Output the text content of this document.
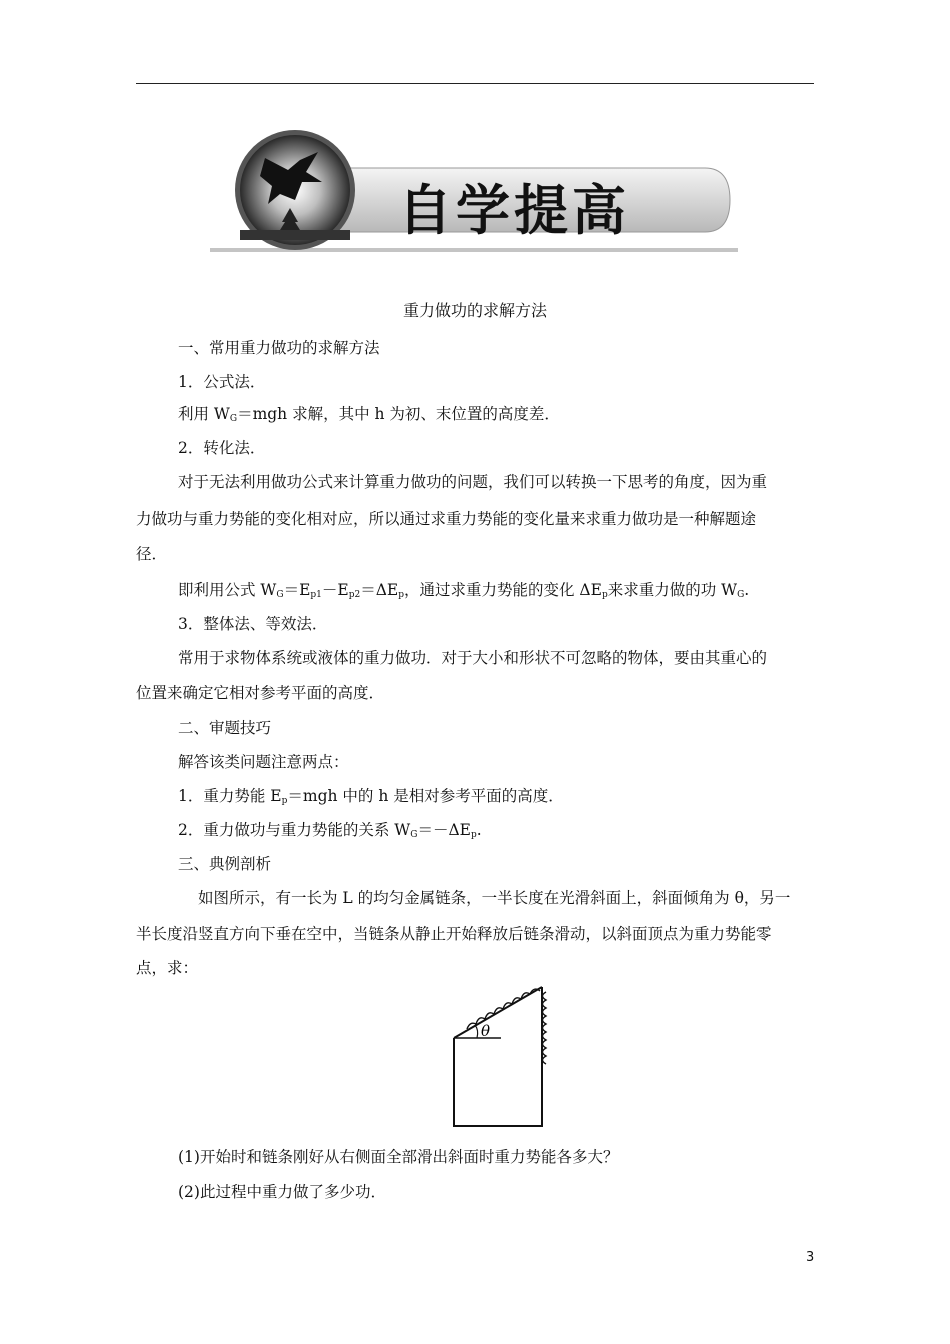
自学提高
重力做功的求解方法
一、常用重力做功的求解方法
1．公式法．
利用 $W_G=mgh$ 求解，其中 h 为初、末位置的高度差．
2．转化法．
对于无法利用做功公式来计算重力做功的问题，我们可以转换一下思考的角度，因为重
力做功与重力势能的变化相对应，所以通过求重力势能的变化量来求重力做功是一种解题途
径．
即利用公式 $W_G=E_{p1}-E_{p2}=\Delta E_p$，通过求重力势能的变化 $\Delta E_p$来求重力做的功 $W_G$.
3．整体法、等效法．
常用于求物体系统或液体的重力做功．对于大小和形状不可忽略的物体，要由其重心的
位置来确定它相对参考平面的高度．
二、审题技巧
解答该类问题注意两点：
1．重力势能 $E_p=mgh$ 中的 h 是相对参考平面的高度．
2．重力做功与重力势能的关系 $W_G=-\Delta E_p$.
三、典例剖析
如图所示，有一长为 L 的均匀金属链条，一半长度在光滑斜面上，斜面倾角为 θ，另一
半长度沿竖直方向下垂在空中，当链条从静止开始释放后链条滑动，以斜面顶点为重力势能零
点，求：
θ
(1)开始时和链条刚好从右侧面全部滑出斜面时重力势能各多大？
(2)此过程中重力做了多少功．
3
